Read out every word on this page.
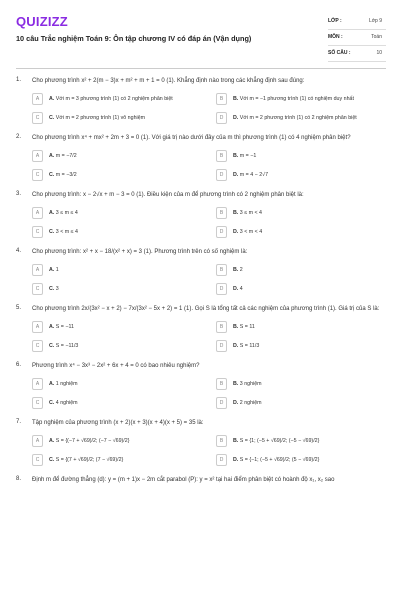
QUIZIZZ
10 câu Trắc nghiệm Toán 9: Ôn tập chương IV có đáp án (Vận dụng)
LỚP :	Lớp 9
MÔN :	Toán
SỐ CÂU :	10
1. Cho phương trình x² + 2(m − 3)x + m² + m + 1 = 0 (1). Khẳng định nào trong các khẳng định sau đúng:
A	A. Với m = 3 phương trình (1) có 2 nghiệm phân biệt	B	B. Với m = −1 phương trình (1) có nghiệm duy nhất
C	C. Với m = 2 phương trình (1) vô nghiệm	D	D. Với m = 2 phương trình (1) có 2 nghiệm phân biệt
2. Cho phương trình x⁴ + mx² + 2m + 3 = 0 (1). Với giá trị nào dưới đây của m thì phương trình (1) có 4 nghiệm phân biệt?
A	A. m = −7/2	B	B. m = −1
C	C. m = −3/2	D	D. m = 4 − 2√7
3. Cho phương trình: x − 2√x + m − 3 = 0 (1). Điều kiện của m để phương trình có 2 nghiệm phân biệt là:
A	A. 3 ≤ m ≤ 4	B	B. 3 ≤ m < 4
C	C. 3 < m ≤ 4	D	D. 3 < m < 4
4. Cho phương trình: x² + x − 18/(x² + x) = 3 (1). Phương trình trên có số nghiệm là:
A	A. 1	B	B. 2
C	C. 3	D	D. 4
5. Cho phương trình 2x/(3x² − x + 2) − 7x/(3x² − 5x + 2) = 1 (1). Gọi S là tổng tất cả các nghiệm của phương trình (1). Giá trị của S là:
A	A. S = −11	B	B. S = 11
C	C. S = −11/3	D	D. S = 11/3
6. Phương trình x⁴ − 3x³ − 2x² + 6x + 4 = 0 có bao nhiêu nghiệm?
A	A. 1 nghiệm	B	B. 3 nghiệm
C	C. 4 nghiệm	D	D. 2 nghiệm
7. Tập nghiệm của phương trình (x + 2)(x + 3)(x + 4)(x + 5) = 35 là:
A	A. S = {(−7 + √69)/2; (−7 − √69)/2}	B	B. S = {1; (−5 + √69)/2; (−5 − √69)/2}
C	C. S = {(7 + √69)/2; (7 − √69)/2}	D	D. S = {−1; (−5 + √69)/2; (5 − √69)/2}
8. Định m để đường thẳng (d): y = (m + 1)x − 2m cắt parabol (P): y = x² tại hai điểm phân biệt có hoành độ x₁, x₂ sao
